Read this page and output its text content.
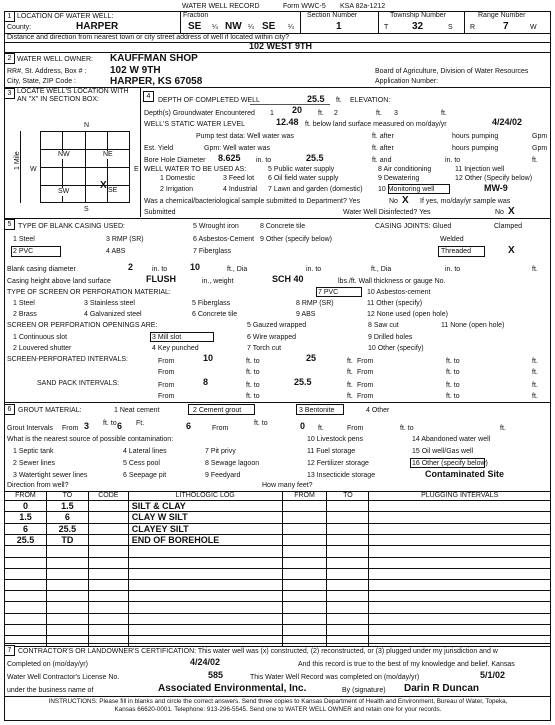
WATER WELL RECORD	Form WWC-5 KSA 82a-1212
1 LOCATION OF WATER WELL:	Fraction	Section Number	Township Number	Range Number
County:	HARPER	SE ¼ NW ¼ SE ¼	1	T 32	S R	7	W
Distance and direction from nearest town or city street address of well if located within city?
102 WEST 9TH
2 WATER WELL OWNER: KAUFFMAN SHOP
RR#, St. Address, Box # : 102 W 9TH	Board of Agriculture, Division of Water Resources
City, State, ZIP Code :	HARPER, KS 67058	Application Number:
3 LOCATE WELL'S LOCATION WITH AN "X" IN SECTION BOX:
N
S
W	E
1 Mile	NW	NE
SW	SE
X
4
DEPTH OF COMPLETED WELL	25.5 ft. ELEVATION:
Depth(s) Groundwater Encountered 1 20 ft. 2	ft. 3	ft.
WELL'S STATIC WATER LEVEL	12.48 ft. below land surface measured on mo/day/yr	4/24/02
Pump test data: Well water was	ft. after	hours pumping	Gpm
Est. Yield	Gpm: Well water was	ft. after	hours pumping	Gpm
Bore Hole Diameter 8.625 in. to	25.5	ft. and	in. to	ft.
WELL WATER TO BE USED AS:	5 Public water supply	8 Air conditioning	11 Injection well
1 Domestic	3 Feed lot 6 Oil field water supply	9 Dewatering	12 Other (Specify below)
2 Irrigation	4 Industrial 7 Lawn and garden (domestic) 10 Monitoring well	MW-9
Was a chemical/bacteriological sample submitted to Department? Yes	No X If yes, mo/day/yr sample was
Submitted	Water Well Disinfected? Yes	No X
5 TYPE OF BLANK CASING USED:	5 Wrought iron	8 Concrete tile	CASING JOINTS: Glued	Clamped
1 Steel	3 RMP (SR)	6 Asbestos-Cement 9 Other (specify below)	Welded
2 PVC	4 ABS	7 Fiberglass	Threaded	X
Blank casing diameter	2	in. to	10	ft., Dia	in. to	ft., Dia	in. to	ft.
Casing height above land surface	FLUSH	in., weight	SCH 40	lbs./ft. Wall thickness or gauge No.
TYPE OF SCREEN OR PERFORATION MATERIAL:	7 PVC	10 Asbestos-cement
1 Steel	3 Stainless steel	5 Fiberglass	8 RMP (SR)	11 Other (specify)
2 Brass	4 Galvanized steel	6 Concrete tile	9 ABS	12 None used (open hole)
SCREEN OR PERFORATION OPENINGS ARE:	5 Gauzed wrapped	8 Saw cut	11 None (open hole)
1 Continuous slot	3 Mill slot	6 Wire wrapped	9 Drilled holes
2 Louvered shutter	4 Key punched	7 Torch cut	10 Other (specify)
SCREEN-PERFORATED INTERVALS:	From	10	ft. to	25	ft. From	ft. to	ft.
From	ft. to	ft. From	ft. to	ft.
SAND PACK INTERVALS:	From	8	ft. to	25.5	ft. From	ft. to	ft.
From	ft. to	ft. From	ft. to	ft.
6 GROUT MATERIAL:	1 Neat cement	2 Cement grout	3 Bentonite	4 Other
Grout Intervals From 3 ft. to 6 Ft.	6	From
ft. to	0 ft.	From	ft. to	ft.
What is the nearest source of possible contamination:
1 Septic tank	4 Lateral lines	7 Pit privy
10 Livestock pens	14 Abandoned water well
2 Sewer lines	5 Cess pool	8 Sewage lagoon
11 Fuel storage	15 Oil well/Gas well
3 Watertight sewer lines	6 Seepage pit	9 Feedyard
12 Fertilizer storage
13 Insecticide storage
16 Other (specify below)
Contaminated Site
Direction from well?	How many feet?
FROM	TO	CODE	LITHOLOGIC LOG	FROM	TO	PLUGGING INTERVALS
0	1.5		SILT & CLAY			
1.5	6		CLAY W SILT			
6	25.5		CLAYEY SILT			
25.5	TD		END OF BOREHOLE			

7 CONTRACTOR'S OR LANDOWNER'S CERTIFICATION: This water well was (x) constructed, (2) reconstructed, or (3) plugged under my jurisdiction and w
Completed on (mo/day/yr)	4/24/02	And this record is true to the best of my knowledge and belief. Kansas
Water Well Contractor's License No.	585	This Water Well Record was completed on (mo/day/yr)	5/1/02
under the business name of	Associated Environmental, Inc.	By (signature) Darin R Duncan
INSTRUCTIONS: Please fill in blanks and circle the correct answers. Send three copies to Kansas Department of Health and Environment, Bureau of Water, Topeka,
Kansas 66620-0001. Telephone: 913-296-5545. Send one to WATER WELL OWNER and retain one for your records.
